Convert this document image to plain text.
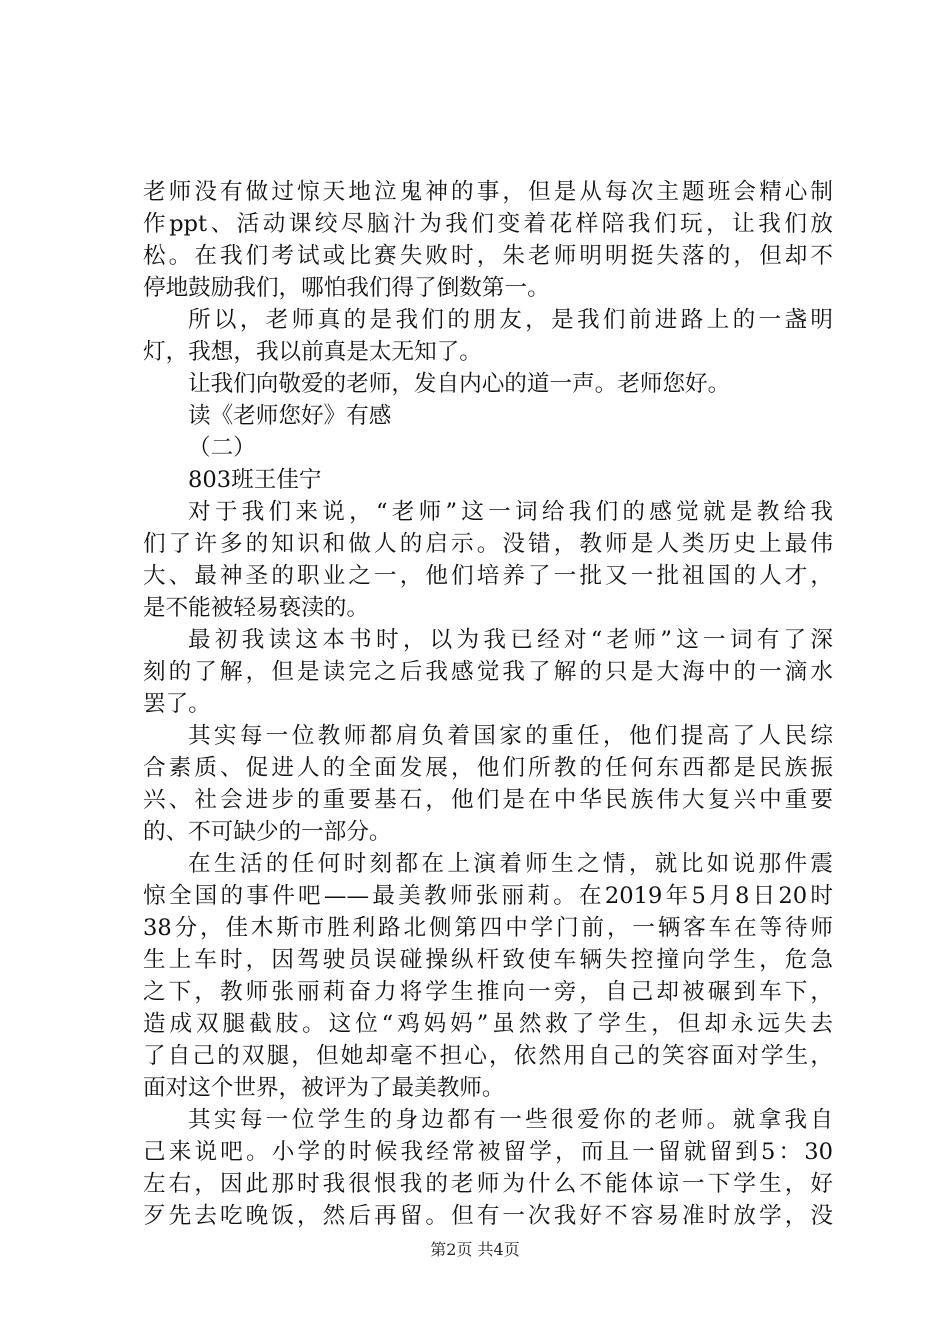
老师没有做过惊天地泣鬼神的事，但是从每次主题班会精心制
作ppt、活动课绞尽脑汁为我们变着花样陪我们玩，让我们放
松。在我们考试或比赛失败时，朱老师明明挺失落的，但却不
停地鼓励我们，哪怕我们得了倒数第一。
所以，老师真的是我们的朋友，是我们前进路上的一盏明
灯，我想，我以前真是太无知了。
让我们向敬爱的老师，发自内心的道一声。老师您好。
读《老师您好》有感
（二）
803班王佳宁
对于我们来说，“老师”这一词给我们的感觉就是教给我
们了许多的知识和做人的启示。没错，教师是人类历史上最伟
大、最神圣的职业之一，他们培养了一批又一批祖国的人才，
是不能被轻易亵渎的。
最初我读这本书时，以为我已经对“老师”这一词有了深
刻的了解，但是读完之后我感觉我了解的只是大海中的一滴水
罢了。
其实每一位教师都肩负着国家的重任，他们提高了人民综
合素质、促进人的全面发展，他们所教的任何东西都是民族振
兴、社会进步的重要基石，他们是在中华民族伟大复兴中重要
的、不可缺少的一部分。
在生活的任何时刻都在上演着师生之情，就比如说那件震
惊全国的事件吧——最美教师张丽莉。在2019年5月8日20时
38分，佳木斯市胜利路北侧第四中学门前，一辆客车在等待师
生上车时，因驾驶员误碰操纵杆致使车辆失控撞向学生，危急
之下，教师张丽莉奋力将学生推向一旁，自己却被碾到车下，
造成双腿截肢。这位“鸡妈妈”虽然救了学生，但却永远失去
了自己的双腿，但她却毫不担心，依然用自己的笑容面对学生，
面对这个世界，被评为了最美教师。
其实每一位学生的身边都有一些很爱你的老师。就拿我自
己来说吧。小学的时候我经常被留学，而且一留就留到5：30
左右，因此那时我很恨我的老师为什么不能体谅一下学生，好
歹先去吃晚饭，然后再留。但有一次我好不容易准时放学，没
第2页 共4页
